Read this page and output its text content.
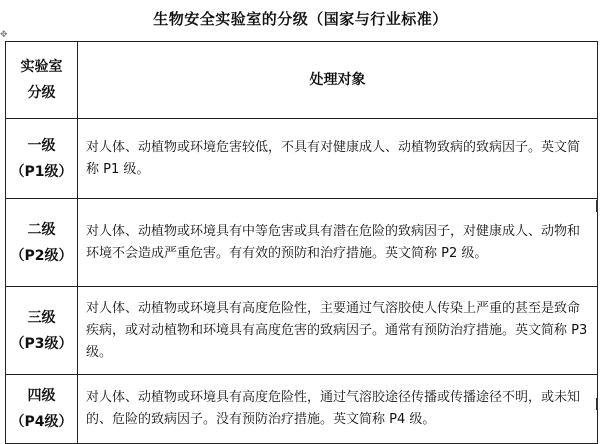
生物安全实验室的分级（国家与行业标准）
✥
实验室
分级	处理对象

一级
（P1级）	对人体、动植物或环境危害较低，不具有对健康成人、动植物致病的致病因子。英文简称 P1 级。

二级
（P2级）	对人体、动植物或环境具有中等危害或具有潜在危险的致病因子，对健康成人、动物和环境不会造成严重危害。有有效的预防和治疗措施。英文简称 P2 级。

三级
（P3级）	对人体、动植物或环境具有高度危险性，主要通过气溶胶使人传染上严重的甚至是致命疾病，或对动植物和环境具有高度危害的致病因子。通常有预防治疗措施。英文简称 P3 级。

四级
（P4级）	对人体、动植物或环境具有高度危险性，通过气溶胶途径传播或传播途径不明，或未知的、危险的致病因子。没有预防治疗措施。英文简称 P4 级。
